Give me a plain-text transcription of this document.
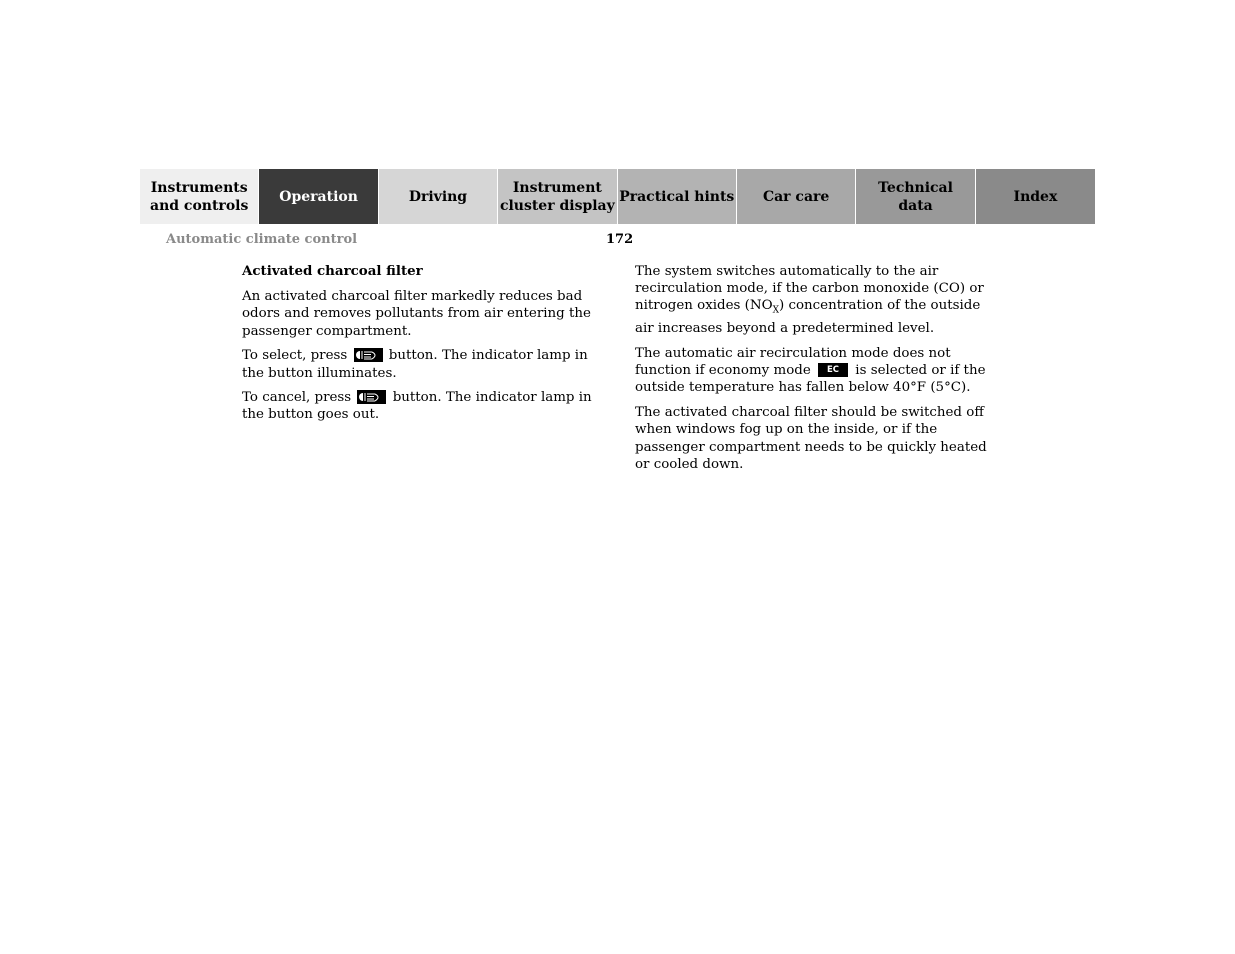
Instruments
and controls
Operation	Driving
Instrument
cluster display
Practical hints	Car care
Technical
data
Index
Automatic climate control	172

Activated charcoal filter

An activated charcoal filter markedly reduces bad odors and removes pollutants from air entering the passenger compartment.

To select, press	button. The indicator lamp in the button illuminates.

To cancel, press	button. The indicator lamp in the button goes out.

The system switches automatically to the air recirculation mode, if the carbon monoxide (CO) or nitrogen oxides $(NO_X)$ concentration of the outside air increases beyond a predetermined level.

The automatic air recirculation mode does not function if economy mode EC is selected or if the outside temperature has fallen below 40°F (5°C).

The activated charcoal filter should be switched off when windows fog up on the inside, or if the passenger compartment needs to be quickly heated or cooled down.
